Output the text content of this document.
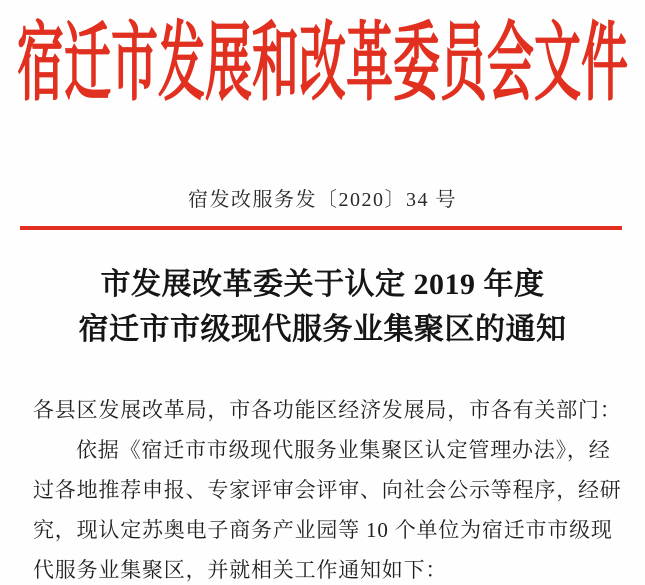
宿迁市发展和改革委员会文件
宿发改服务发〔2020〕34 号
市发展改革委关于认定 2019 年度
宿迁市市级现代服务业集聚区的通知
各县区发展改革局，市各功能区经济发展局，市各有关部门：
依据《宿迁市市级现代服务业集聚区认定管理办法》，经
过各地推荐申报、专家评审会评审、向社会公示等程序，经研
究，现认定苏奥电子商务产业园等 10 个单位为宿迁市市级现
代服务业集聚区，并就相关工作通知如下：
